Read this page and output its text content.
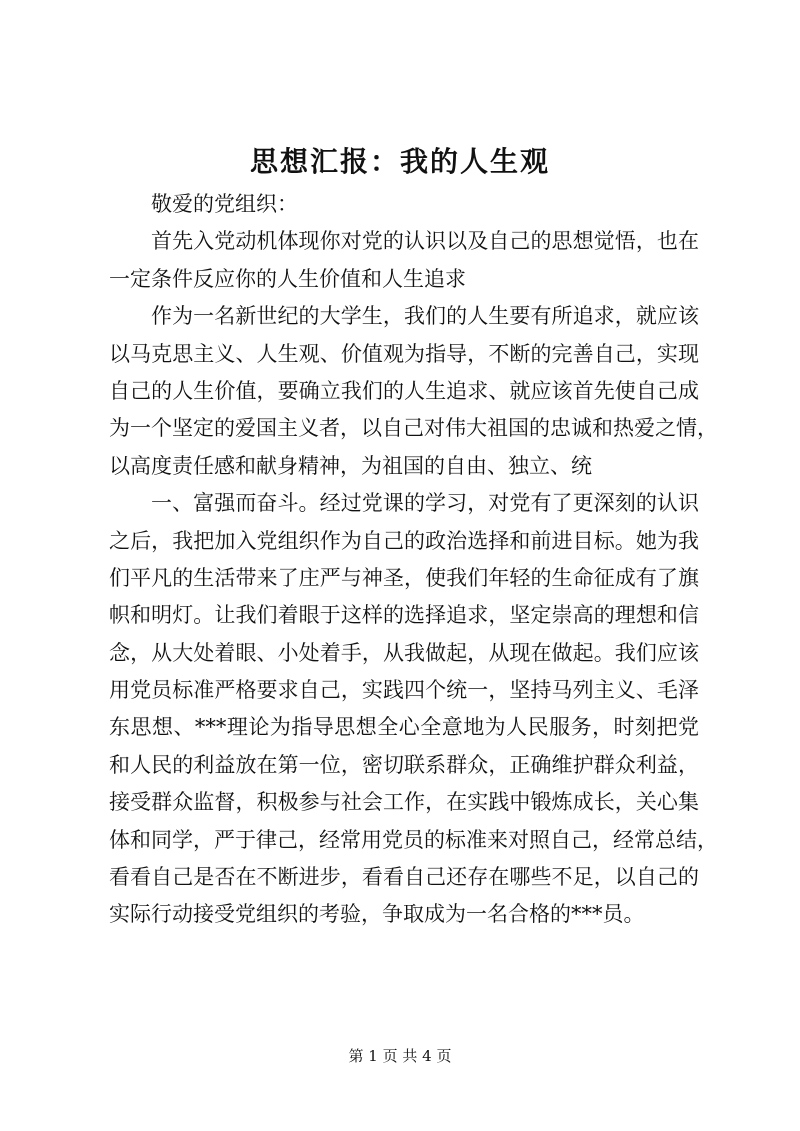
思想汇报：我的人生观
敬爱的党组织：
首先入党动机体现你对党的认识以及自己的思想觉悟，也在
一定条件反应你的人生价值和人生追求
作为一名新世纪的大学生，我们的人生要有所追求，就应该
以马克思主义、人生观、价值观为指导，不断的完善自己，实现
自己的人生价值，要确立我们的人生追求、就应该首先使自己成
为一个坚定的爱国主义者，以自己对伟大祖国的忠诚和热爱之情，
以高度责任感和献身精神，为祖国的自由、独立、统
一、富强而奋斗。经过党课的学习，对党有了更深刻的认识
之后，我把加入党组织作为自己的政治选择和前进目标。她为我
们平凡的生活带来了庄严与神圣，使我们年轻的生命征成有了旗
帜和明灯。让我们着眼于这样的选择追求，坚定崇高的理想和信
念，从大处着眼、小处着手，从我做起，从现在做起。我们应该
用党员标准严格要求自己，实践四个统一，坚持马列主义、毛泽
东思想、***理论为指导思想全心全意地为人民服务，时刻把党
和人民的利益放在第一位，密切联系群众，正确维护群众利益，
接受群众监督，积极参与社会工作，在实践中锻炼成长，关心集
体和同学，严于律己，经常用党员的标准来对照自己，经常总结，
看看自己是否在不断进步，看看自己还存在哪些不足，以自己的
实际行动接受党组织的考验，争取成为一名合格的***员。
第 1 页 共 4 页
